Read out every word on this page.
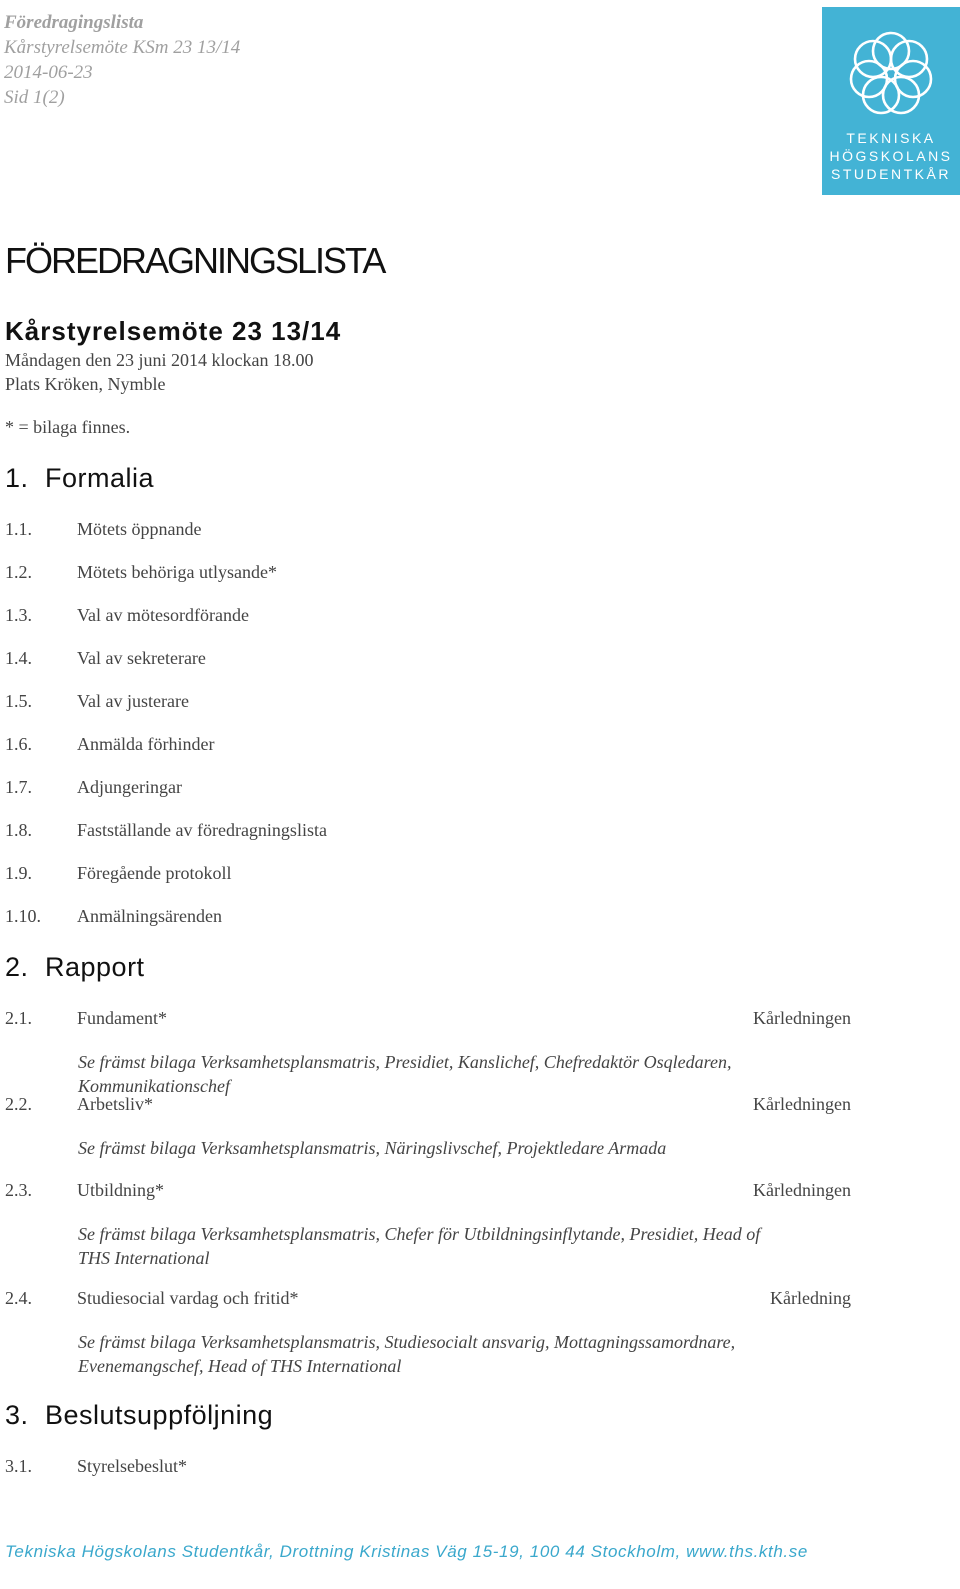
Föredragingslista
Kårstyrelsemöte KSm 23 13/14
2014-06-23
Sid 1(2)
TEKNISKA
HÖGSKOLANS
STUDENTKÅR
FÖREDRAGNINGSLISTA
Kårstyrelsemöte 23 13/14
Måndagen den 23 juni 2014 klockan 18.00
Plats Kröken, Nymble
* = bilaga finnes.
1. Formalia
1.1.	Mötets öppnande
1.2.	Mötets behöriga utlysande*
1.3.	Val av mötesordförande
1.4.	Val av sekreterare
1.5.	Val av justerare
1.6.	Anmälda förhinder
1.7.	Adjungeringar
1.8.	Fastställande av föredragningslista
1.9.	Föregående protokoll
1.10. Anmälningsärenden
2. Rapport
2.1.	Fundament*	Kårledningen
Se främst bilaga Verksamhetsplansmatris, Presidiet, Kanslichef, Chefredaktör Osqledaren, Kommunikationschef
2.2.	Arbetsliv*	Kårledningen
Se främst bilaga Verksamhetsplansmatris, Näringslivschef, Projektledare Armada
2.3.	Utbildning*	Kårledningen
Se främst bilaga Verksamhetsplansmatris, Chefer för Utbildningsinflytande, Presidiet, Head of THS International
2.4.	Studiesocial vardag och fritid*	Kårledning
Se främst bilaga Verksamhetsplansmatris, Studiesocialt ansvarig, Mottagningssamordnare, Evenemangschef, Head of THS International
3. Beslutsuppföljning
3.1.	Styrelsebeslut*
Tekniska Högskolans Studentkår, Drottning Kristinas Väg 15-19, 100 44 Stockholm, www.ths.kth.se
